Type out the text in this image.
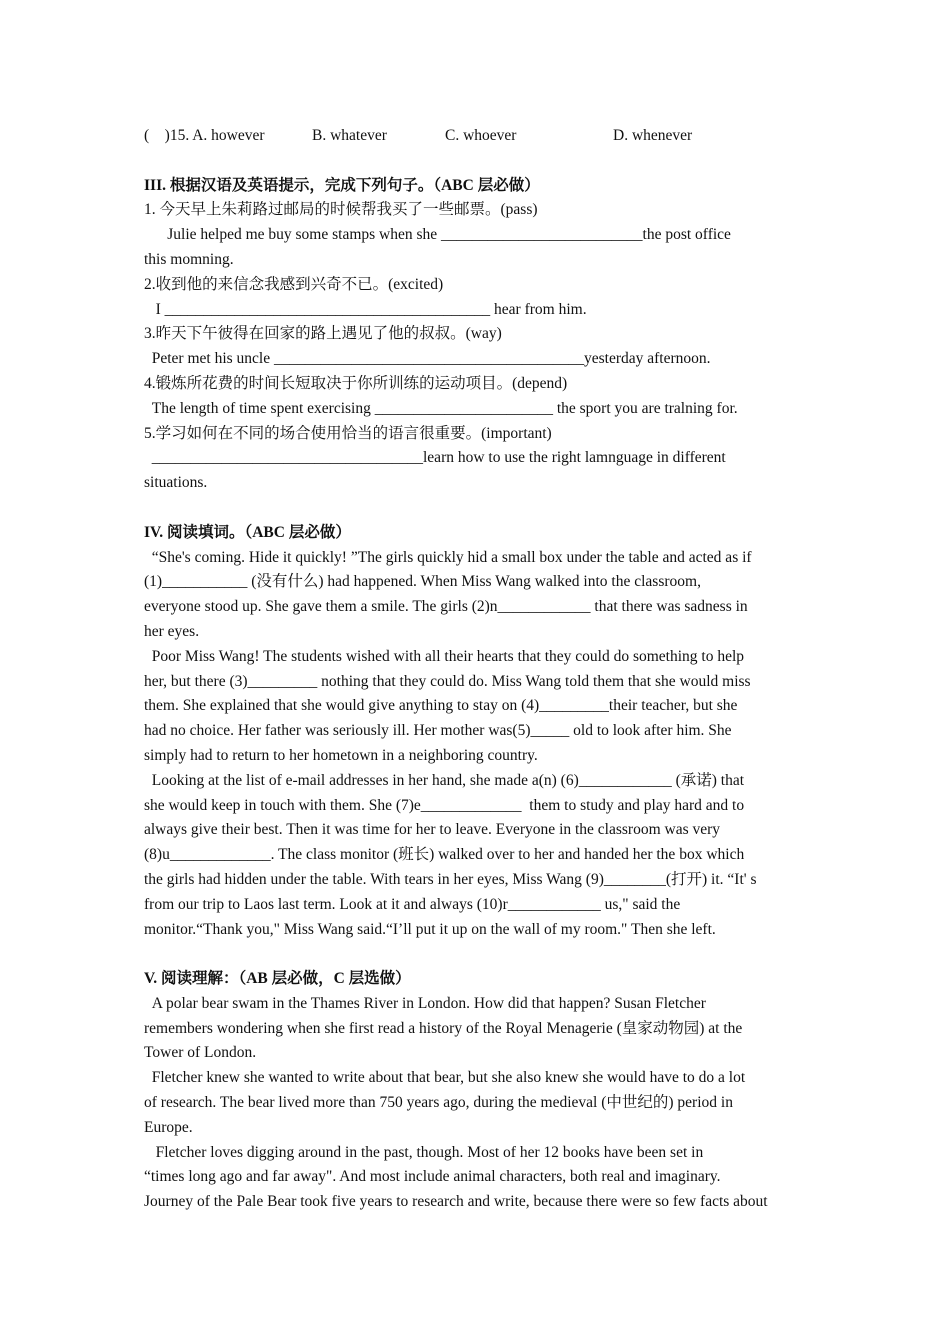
(    )15. A. however	B. whatever	C. whoever	D. whenever

III. 根据汉语及英语提示，完成下列句子。（ABC 层必做）

1. 今天早上朱莉路过邮局的时候帮我买了一些邮票。(pass)

Julie helped me buy some stamps when she __________________________the post office

this momning.

2.收到他的来信念我感到兴奇不已。(excited)

I __________________________________________ hear from him.

3.昨天下午彼得在回家的路上遇见了他的叔叔。(way)

Peter met his uncle ________________________________________yesterday afternoon.

4.锻炼所花费的时间长短取决于你所训练的运动项目。(depend)

The length of time spent exercising _______________________ the sport you are tralning for.

5.学习如何在不同的场合使用恰当的语言很重要。(important)

___________________________________learn how to use the right lamnguage in different

situations.

IV. 阅读填词。（ABC 层必做）

“She's coming. Hide it quickly! ”The girls quickly hid a small box under the table and acted as if

(1)___________ (没有什么) had happened. When Miss Wang walked into the classroom,

everyone stood up. She gave them a smile. The girls (2)n____________ that there was sadness in

her eyes.

Poor Miss Wang! The students wished with all their hearts that they could do something to help

her, but there (3)_________ nothing that they could do. Miss Wang told them that she would miss

them. She explained that she would give anything to stay on (4)_________their teacher, but she

had no choice. Her father was seriously ill. Her mother was(5)_____ old to look after him. She

simply had to return to her hometown in a neighboring country.

Looking at the list of e-mail addresses in her hand, she made a(n) (6)____________ (承诺) that

she would keep in touch with them. She (7)e_____________  them to study and play hard and to

always give their best. Then it was time for her to leave. Everyone in the classroom was very

(8)u_____________. The class monitor (班长) walked over to her and handed her the box which

the girls had hidden under the table. With tears in her eyes, Miss Wang (9)________(打开) it. “It' s

from our trip to Laos last term. Look at it and always (10)r____________ us," said the

monitor.“Thank you," Miss Wang said.“I’ll put it up on the wall of my room." Then she left.

V. 阅读理解：（AB 层必做，C 层选做）

A polar bear swam in the Thames River in London. How did that happen? Susan Fletcher

remembers wondering when she first read a history of the Royal Menagerie (皇家动物园) at the

Tower of London.

Fletcher knew she wanted to write about that bear, but she also knew she would have to do a lot

of research. The bear lived more than 750 years ago, during the medieval (中世纪的) period in

Europe.

Fletcher loves digging around in the past, though. Most of her 12 books have been set in

“times long ago and far away". And most include animal characters, both real and imaginary.

Journey of the Pale Bear took five years to research and write, because there were so few facts about
